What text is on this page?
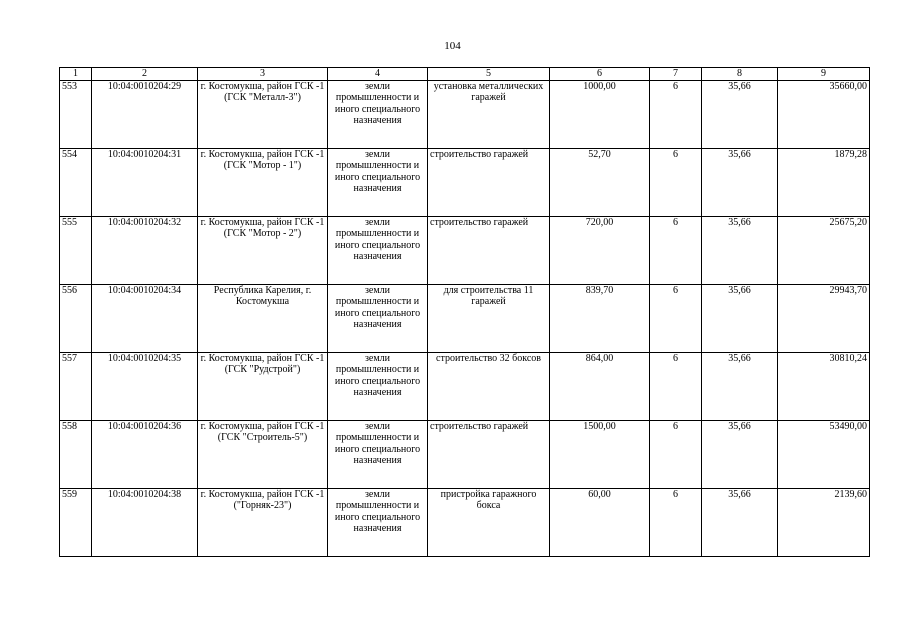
104
1	2	3	4	5	6	7	8	9
553	10:04:0010204:29	г. Костомукша, район ГСК -1 (ГСК "Металл-3")	земли промышленности и иного специального назначения	установка металлических гаражей	1000,00	6	35,66	35660,00
554	10:04:0010204:31	г. Костомукша, район ГСК -1 (ГСК "Мотор - 1")	земли промышленности и иного специального назначения	строительство гаражей	52,70	6	35,66	1879,28
555	10:04:0010204:32	г. Костомукша, район ГСК -1 (ГСК "Мотор - 2")	земли промышленности и иного специального назначения	строительство гаражей	720,00	6	35,66	25675,20
556	10:04:0010204:34	Республика Карелия, г. Костомукша	земли промышленности и иного специального назначения	для строительства 11 гаражей	839,70	6	35,66	29943,70
557	10:04:0010204:35	г. Костомукша, район ГСК -1 (ГСК "Рудстрой")	земли промышленности и иного специального назначения	строительство 32 боксов	864,00	6	35,66	30810,24
558	10:04:0010204:36	г. Костомукша, район ГСК -1 (ГСК "Строитель-5")	земли промышленности и иного специального назначения	строительство гаражей	1500,00	6	35,66	53490,00
559	10:04:0010204:38	г. Костомукша, район ГСК -1 ("Горняк-23")	земли промышленности и иного специального назначения	пристройка гаражного бокса	60,00	6	35,66	2139,60
